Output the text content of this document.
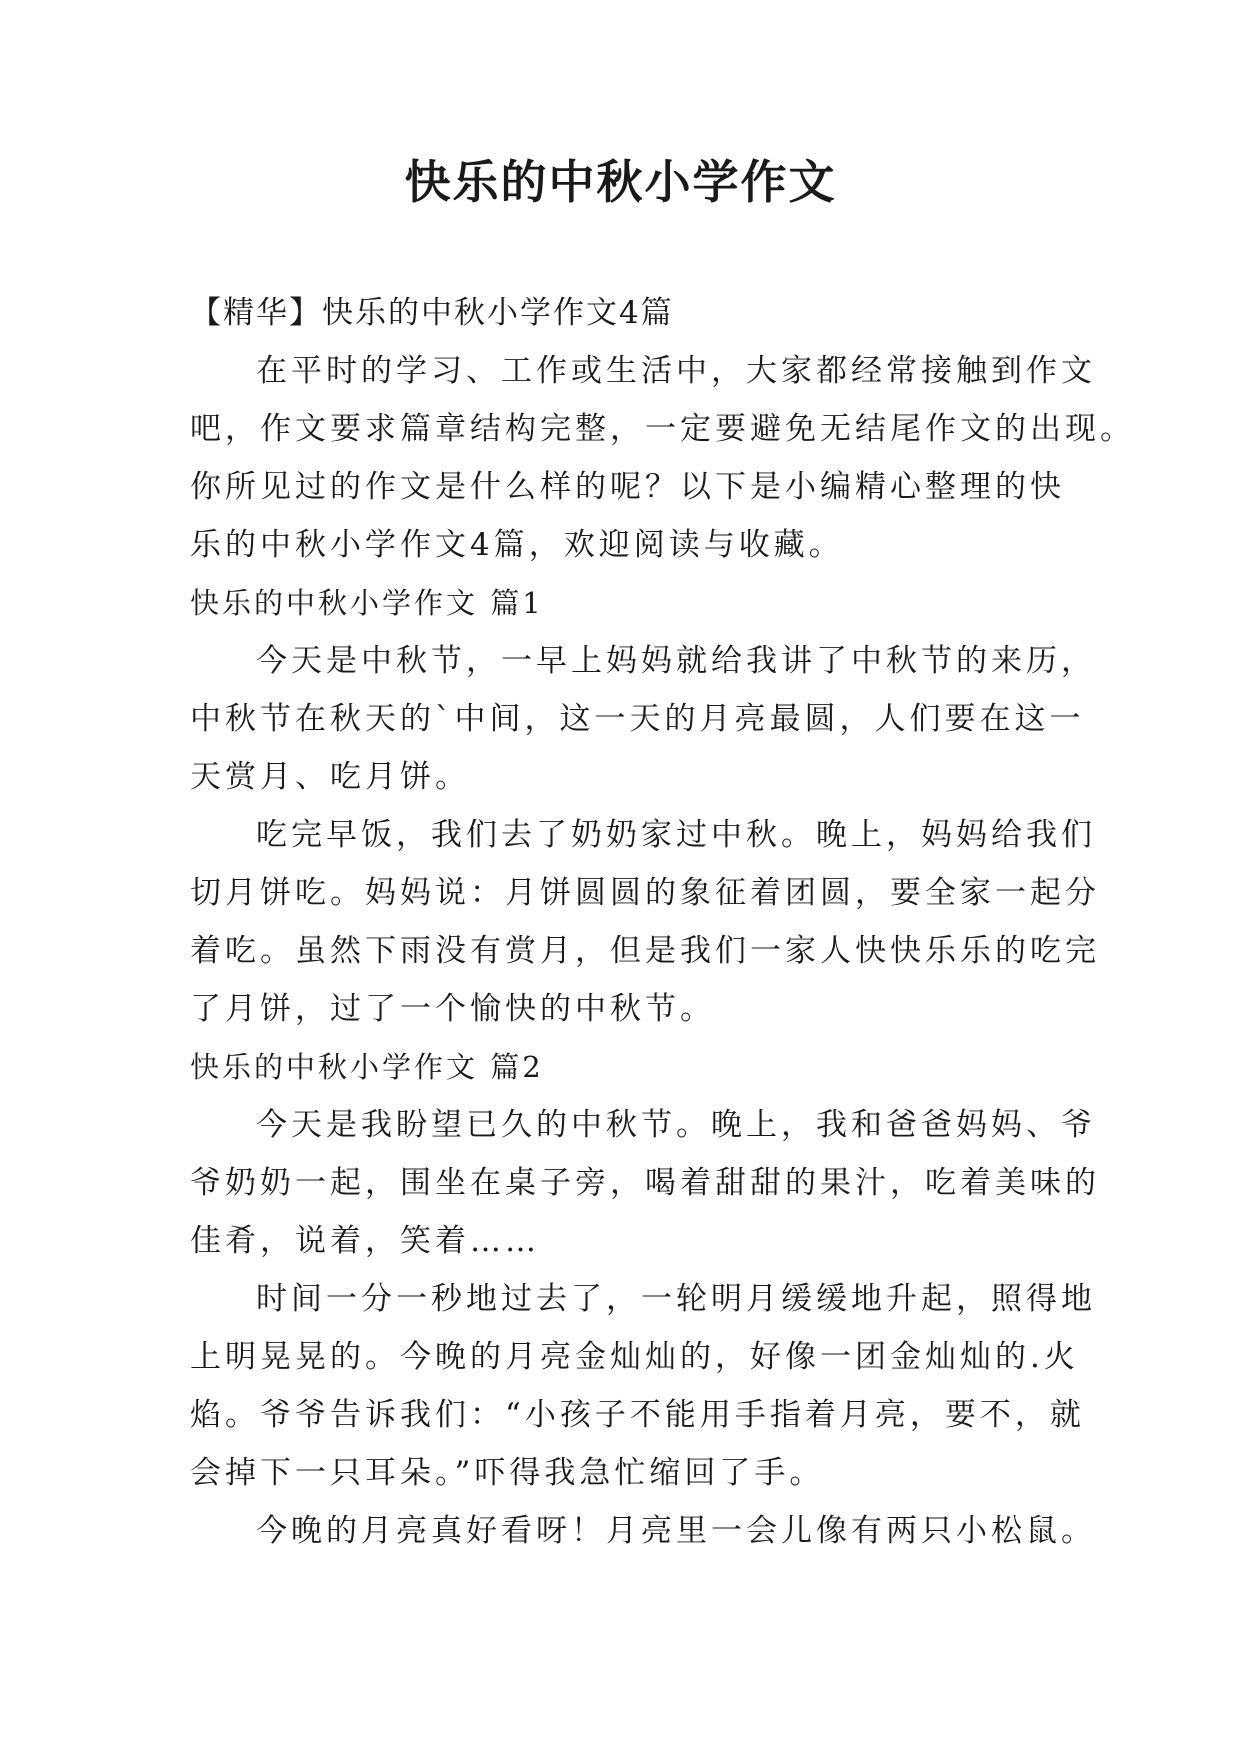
快乐的中秋小学作文
【精华】快乐的中秋小学作文4篇
在平时的学习、工作或生活中，大家都经常接触到作文
吧，作文要求篇章结构完整，一定要避免无结尾作文的出现。
你所见过的作文是什么样的呢？以下是小编精心整理的快
乐的中秋小学作文4篇，欢迎阅读与收藏。
快乐的中秋小学作文 篇1
今天是中秋节，一早上妈妈就给我讲了中秋节的来历，
中秋节在秋天的`中间，这一天的月亮最圆，人们要在这一
天赏月、吃月饼。
吃完早饭，我们去了奶奶家过中秋。晚上，妈妈给我们
切月饼吃。妈妈说：月饼圆圆的象征着团圆，要全家一起分
着吃。虽然下雨没有赏月，但是我们一家人快快乐乐的吃完
了月饼，过了一个愉快的中秋节。
快乐的中秋小学作文 篇2
今天是我盼望已久的中秋节。晚上，我和爸爸妈妈、爷
爷奶奶一起，围坐在桌子旁，喝着甜甜的果汁，吃着美味的
佳肴，说着，笑着……
时间一分一秒地过去了，一轮明月缓缓地升起，照得地
上明晃晃的。今晚的月亮金灿灿的，好像一团金灿灿的.火
焰。爷爷告诉我们：“小孩子不能用手指着月亮，要不，就
会掉下一只耳朵。”吓得我急忙缩回了手。
今晚的月亮真好看呀！月亮里一会儿像有两只小松鼠。
